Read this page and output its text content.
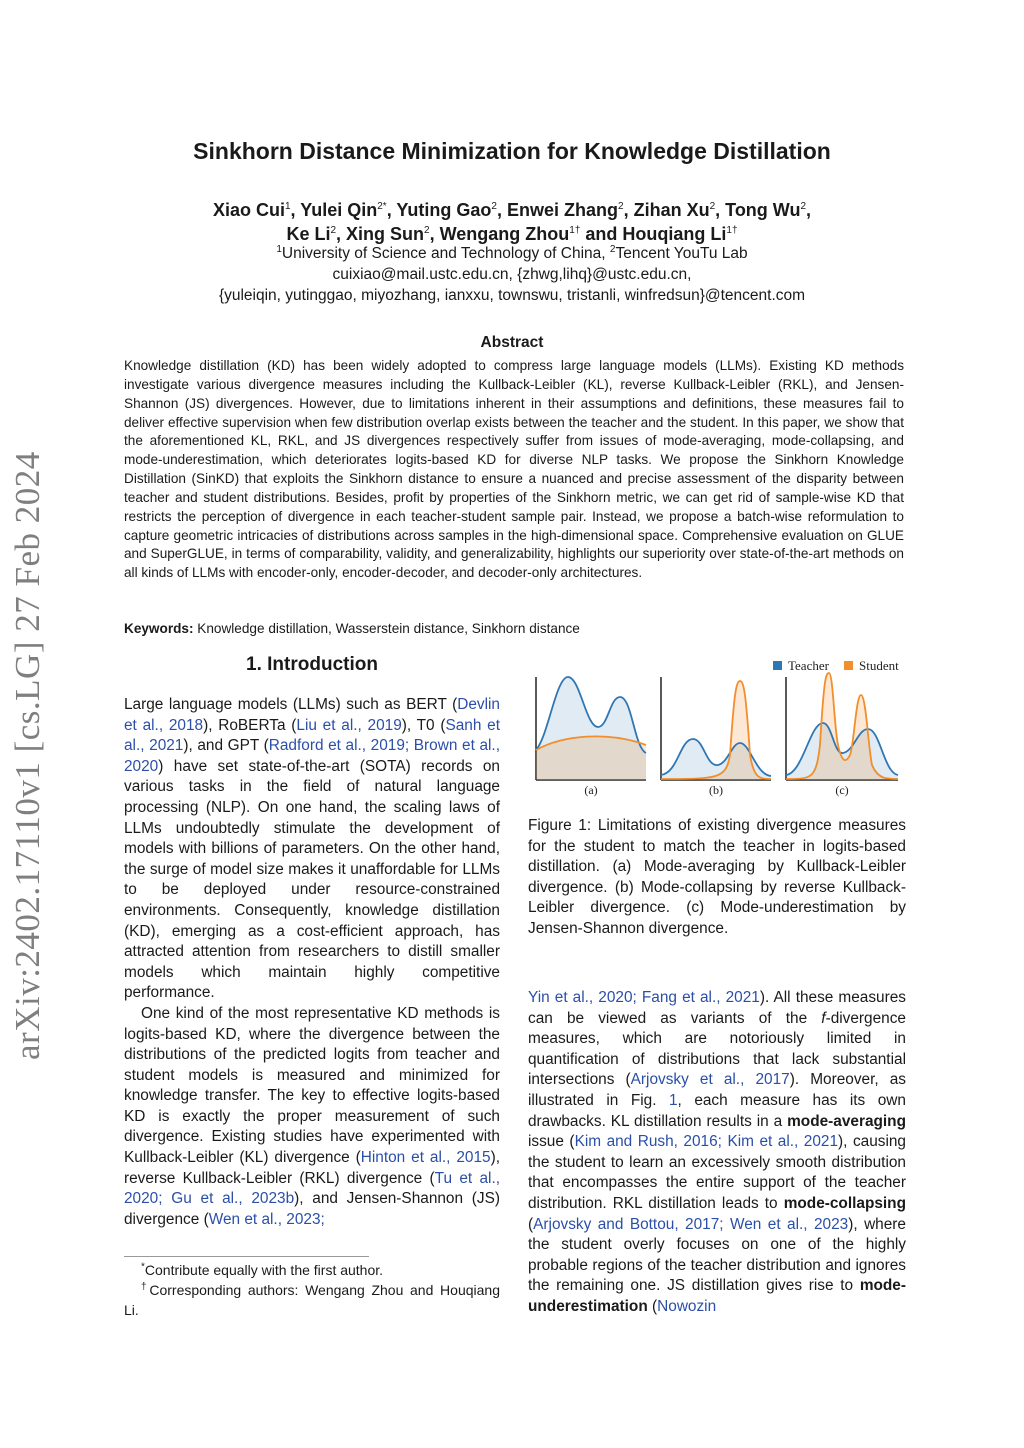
arXiv:2402.17110v1 [cs.LG] 27 Feb 2024
Sinkhorn Distance Minimization for Knowledge Distillation
Xiao Cui$^1$, Yulei Qin$^{2*}$, Yuting Gao$^2$, Enwei Zhang$^2$, Zihan Xu$^2$, Tong Wu$^2$,
Ke Li$^2$, Xing Sun$^2$, Wengang Zhou$^{1\dagger}$ and Houqiang $Li^{1\dagger}$
$^1$University of Science and Technology of China, $^2$Tencent YouTu Lab
cuixiao@mail.ustc.edu.cn, {zhwg,lihq}@ustc.edu.cn,
{yuleiqin, yutinggao, miyozhang, ianxxu, townswu, tristanli, winfredsun}@tencent.com
Abstract
Knowledge distillation (KD) has been widely adopted to compress large language models (LLMs). Existing KD methods investigate various divergence measures including the Kullback-Leibler (KL), reverse Kullback-Leibler (RKL), and Jensen-Shannon (JS) divergences. However, due to limitations inherent in their assumptions and definitions, these measures fail to deliver effective supervision when few distribution overlap exists between the teacher and the student. In this paper, we show that the aforementioned KL, RKL, and JS divergences respectively suffer from issues of mode-averaging, mode-collapsing, and mode-underestimation, which deteriorates logits-based KD for diverse NLP tasks. We propose the Sinkhorn Knowledge Distillation (SinKD) that exploits the Sinkhorn distance to ensure a nuanced and precise assessment of the disparity between teacher and student distributions. Besides, profit by properties of the Sinkhorn metric, we can get rid of sample-wise KD that restricts the perception of divergence in each teacher-student sample pair. Instead, we propose a batch-wise reformulation to capture geometric intricacies of distributions across samples in the high-dimensional space. Comprehensive evaluation on GLUE and SuperGLUE, in terms of comparability, validity, and generalizability, highlights our superiority over state-of-the-art methods on all kinds of LLMs with encoder-only, encoder-decoder, and decoder-only architectures.
Keywords: Knowledge distillation, Wasserstein distance, Sinkhorn distance
1. Introduction

Large language models (LLMs) such as BERT (Devlin et al., 2018), RoBERTa (Liu et al., 2019), T0 (Sanh et al., 2021), and GPT (Radford et al., 2019; Brown et al., 2020) have set state-of-the-art (SOTA) records on various tasks in the field of natural language processing (NLP). On one hand, the scaling laws of LLMs undoubtedly stimulate the development of models with billions of parameters. On the other hand, the surge of model size makes it unaffordable for LLMs to be deployed under resource-constrained environments. Consequently, knowledge distillation (KD), emerging as a cost-efficient approach, has attracted attention from researchers to distill smaller models which maintain highly competitive performance.

One kind of the most representative KD methods is logits-based KD, where the divergence between the distributions of the predicted logits from teacher and student models is measured and minimized for knowledge transfer. The key to effective logits-based KD is exactly the proper measurement of such divergence. Existing studies have experimented with Kullback-Leibler (KL) divergence (Hinton et al., 2015), reverse Kullback-Leibler (RKL) divergence (Tu et al., 2020; Gu et al., 2023b), and Jensen-Shannon (JS) divergence (Wen et al., 2023;

*Contribute equally with the first author.

†Corresponding authors: Wengang Zhou and Houqiang Li.

Teacher Student
(a)	(b)	(c)
Figure 1: Limitations of existing divergence measures for the student to match the teacher in logits-based distillation. (a) Mode-averaging by Kullback-Leibler divergence. (b) Mode-collapsing by reverse Kullback-Leibler divergence. (c) Mode-underestimation by Jensen-Shannon divergence.

Yin et al., 2020; Fang et al., 2021). All these measures can be viewed as variants of the f-divergence measures, which are notoriously limited in quantification of distributions that lack substantial intersections (Arjovsky et al., 2017). Moreover, as illustrated in Fig. 1, each measure has its own drawbacks. KL distillation results in a mode-averaging issue (Kim and Rush, 2016; Kim et al., 2021), causing the student to learn an excessively smooth distribution that encompasses the entire support of the teacher distribution. RKL distillation leads to mode-collapsing (Arjovsky and Bottou, 2017; Wen et al., 2023), where the student overly focuses on one of the highly probable regions of the teacher distribution and ignores the remaining one. JS distillation gives rise to mode-underestimation (Nowozin
